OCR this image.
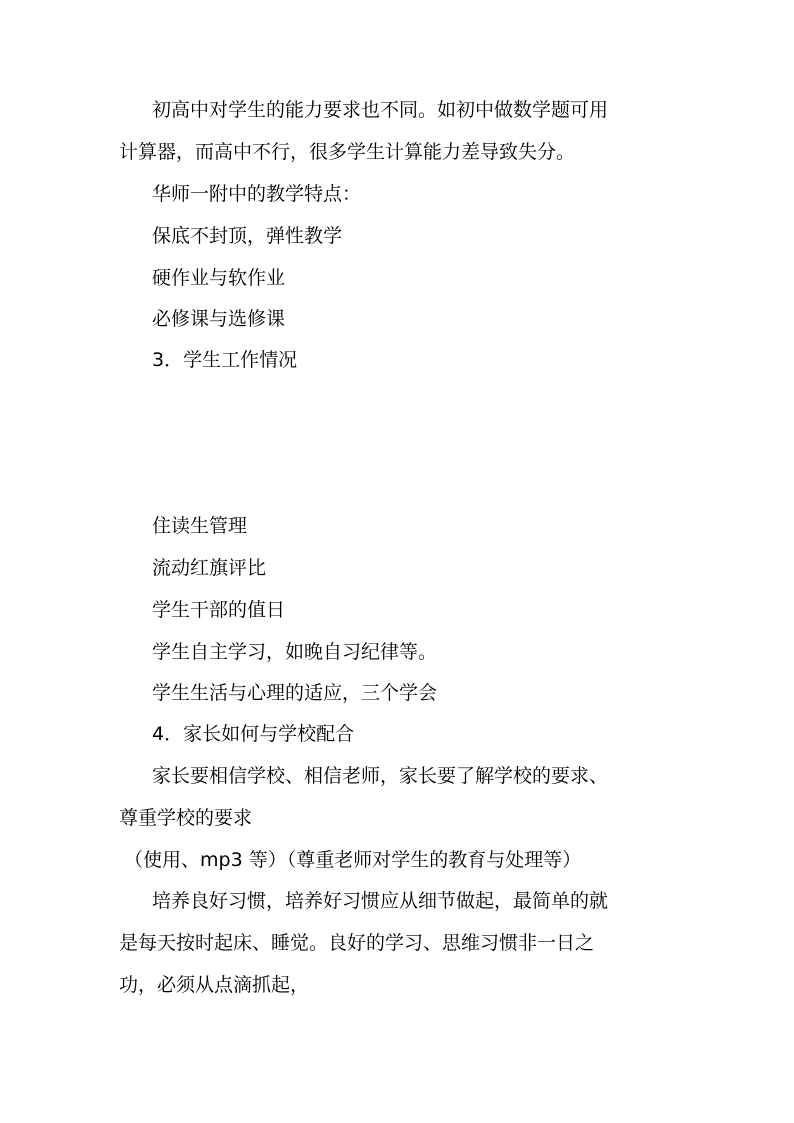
初高中对学生的能力要求也不同。如初中做数学题可用
计算器，而高中不行，很多学生计算能力差导致失分。
华师一附中的教学特点：
保底不封顶，弹性教学
硬作业与软作业
必修课与选修课
3．学生工作情况
住读生管理
流动红旗评比
学生干部的值日
学生自主学习，如晚自习纪律等。
学生生活与心理的适应，三个学会
4．家长如何与学校配合
家长要相信学校、相信老师，家长要了解学校的要求、
尊重学校的要求
（使用、mp3 等）（尊重老师对学生的教育与处理等）
培养良好习惯，培养好习惯应从细节做起，最简单的就
是每天按时起床、睡觉。良好的学习、思维习惯非一日之
功，必须从点滴抓起，
